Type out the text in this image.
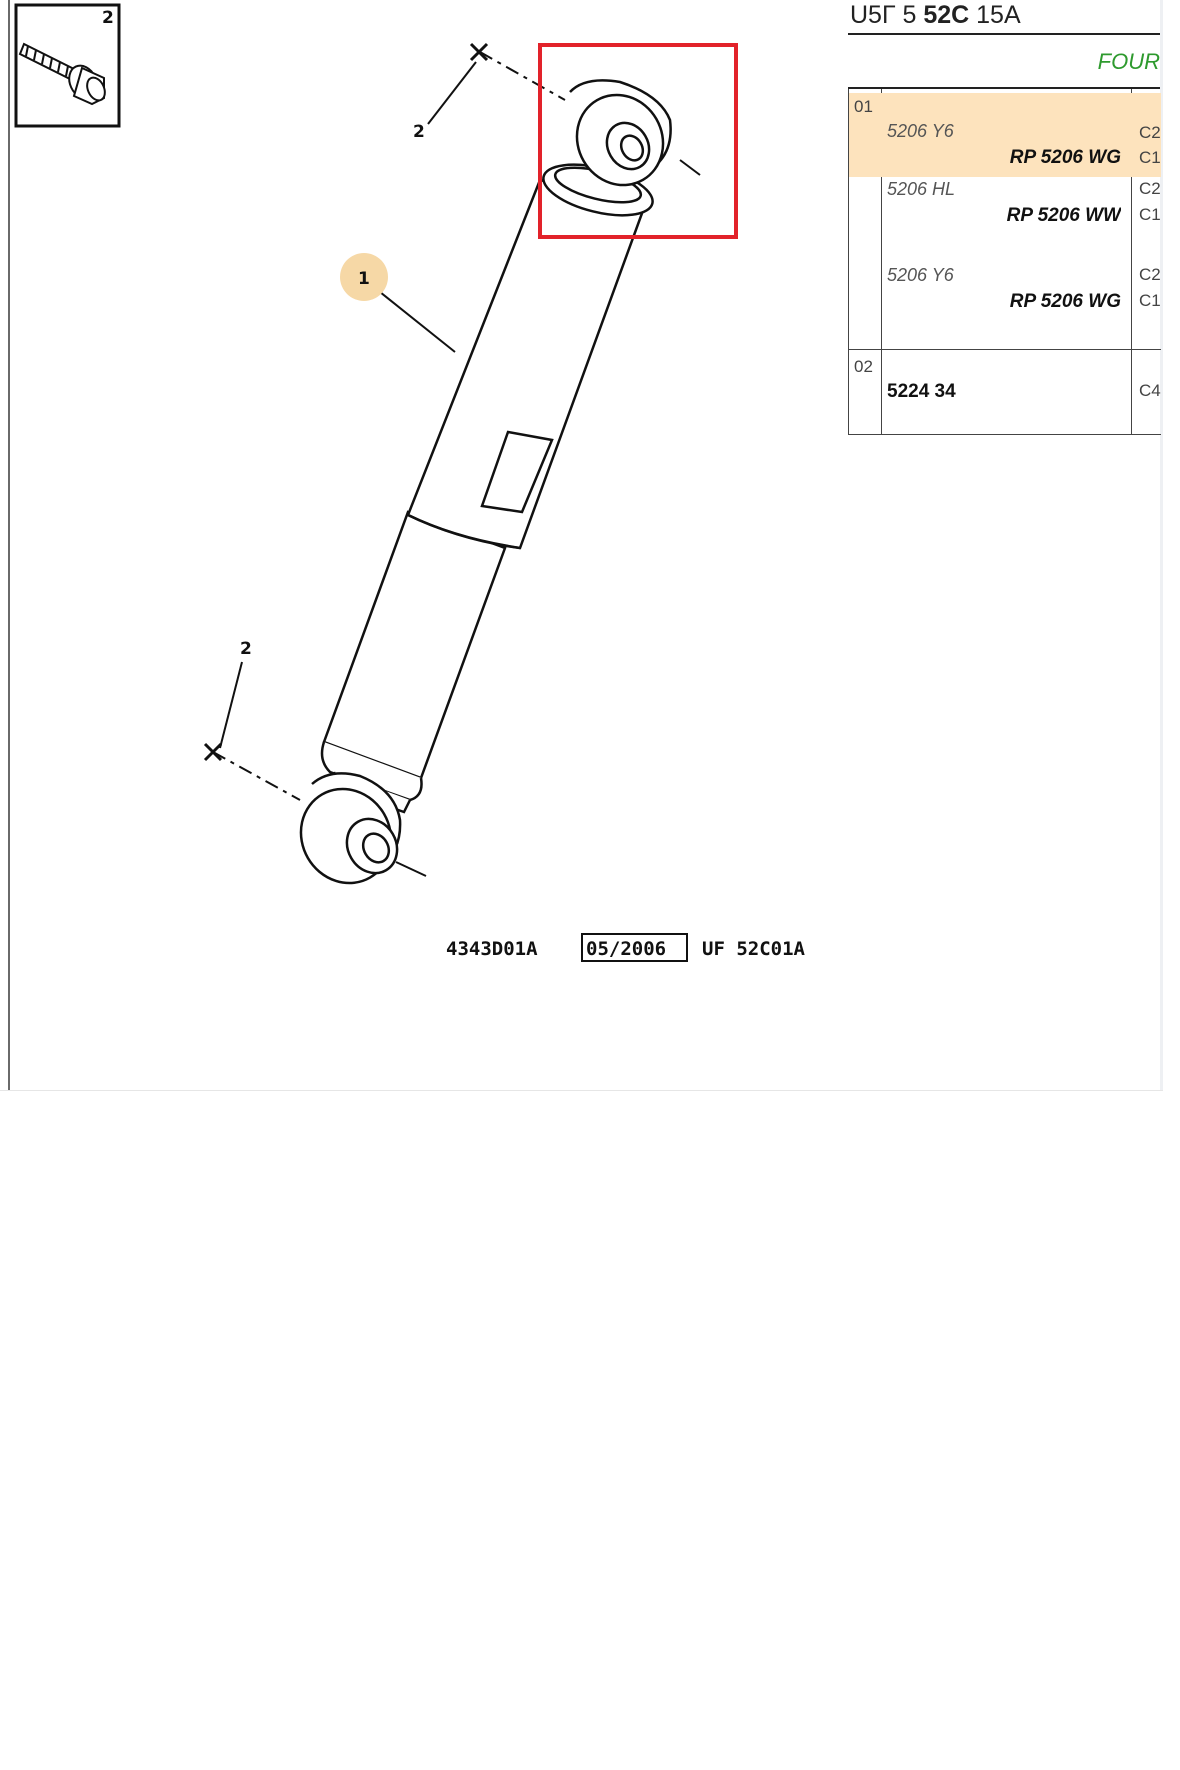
2
1
2
2
4343D01A	05/2006 UF 52C01A
U5Г 5 52C 15A
FOUR
01
5206 Y6
RP 5206 WG
C2
C1
5206 HL
RP 5206 WW
C2
C1
5206 Y6
RP 5206 WG
C2
C1
02
5224 34	C4
